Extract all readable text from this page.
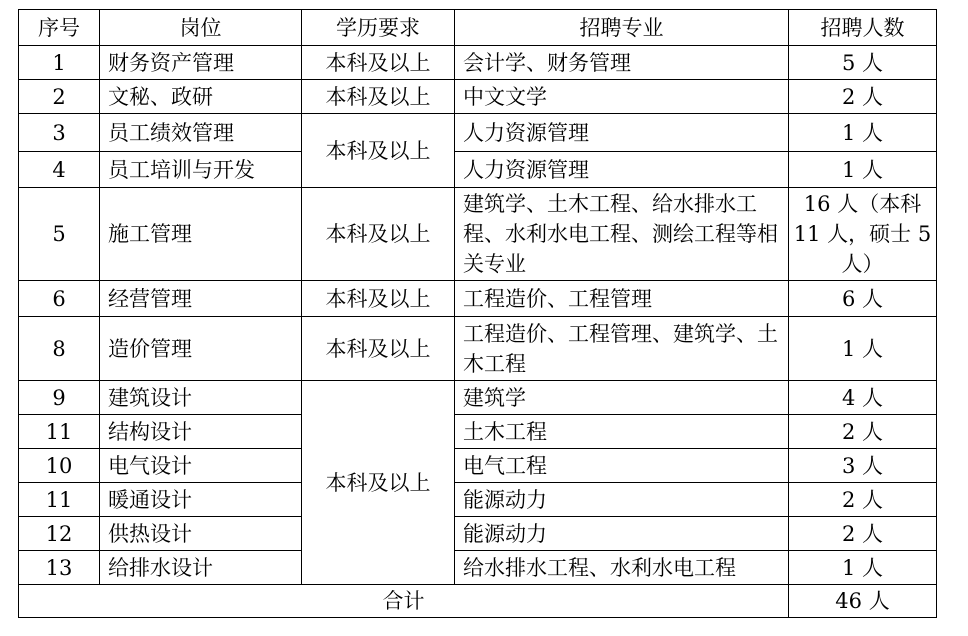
序号	岗位	学历要求	招聘专业	招聘人数
1	财务资产管理	本科及以上	会计学、财务管理	5 人
2	文秘、政研	本科及以上	中文文学	2 人
3	员工绩效管理	本科及以上	人力资源管理	1 人
4	员工培训与开发		人力资源管理	1 人
5	施工管理	本科及以上	建筑学、土木工程、给水排水工程、水利水电工程、测绘工程等相关专业	16 人（本科 11 人，硕士 5 人）
6	经营管理	本科及以上	工程造价、工程管理	6 人
8	造价管理	本科及以上	工程造价、工程管理、建筑学、土木工程	1 人
9	建筑设计	本科及以上	建筑学	4 人
11	结构设计		土木工程	2 人
10	电气设计		电气工程	3 人
11	暖通设计		能源动力	2 人
12	供热设计		能源动力	2 人
13	给排水设计		给水排水工程、水利水电工程	1 人
合计				46 人
